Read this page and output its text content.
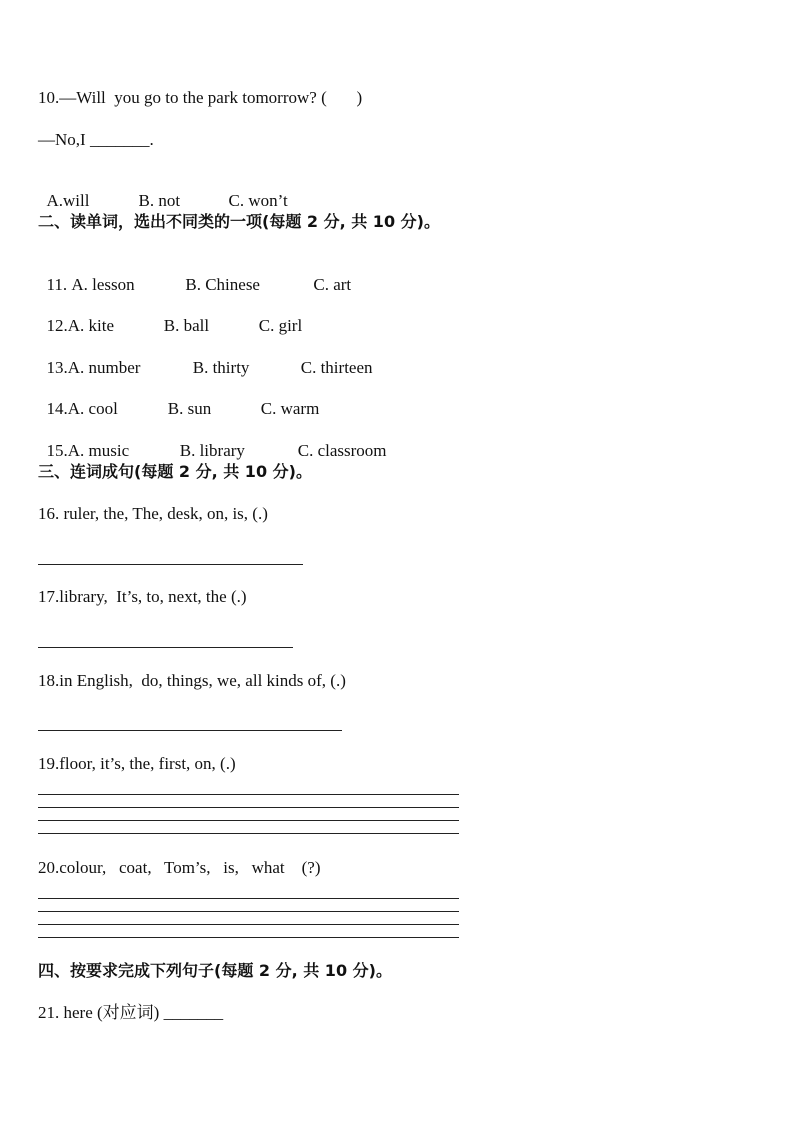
10.—Will  you go to the park tomorrow? (       )
—No,I _______.

A.will	B. not	C. won’t

二、读单词，选出不同类的一项(每题 2 分, 共 10 分)。

11. A. lesson	B. Chinese	C. art

12.A. kite	B. ball	C. girl

13.A. number	B. thirty	C. thirteen

14.A. cool	B. sun	C. warm

15.A. music	B. library	C. classroom

三、连词成句(每题 2 分, 共 10 分)。
16. ruler, the, The, desk, on, is, (.)
17.library,  It’s, to, next, the (.)
18.in English,  do, things, we, all kinds of, (.)
19.floor, it’s, the, first, on, (.)
20.colour,   coat,   Tom’s,   is,   what    (?)
四、按要求完成下列句子(每题 2 分, 共 10 分)。
21. here (对应词) _______
